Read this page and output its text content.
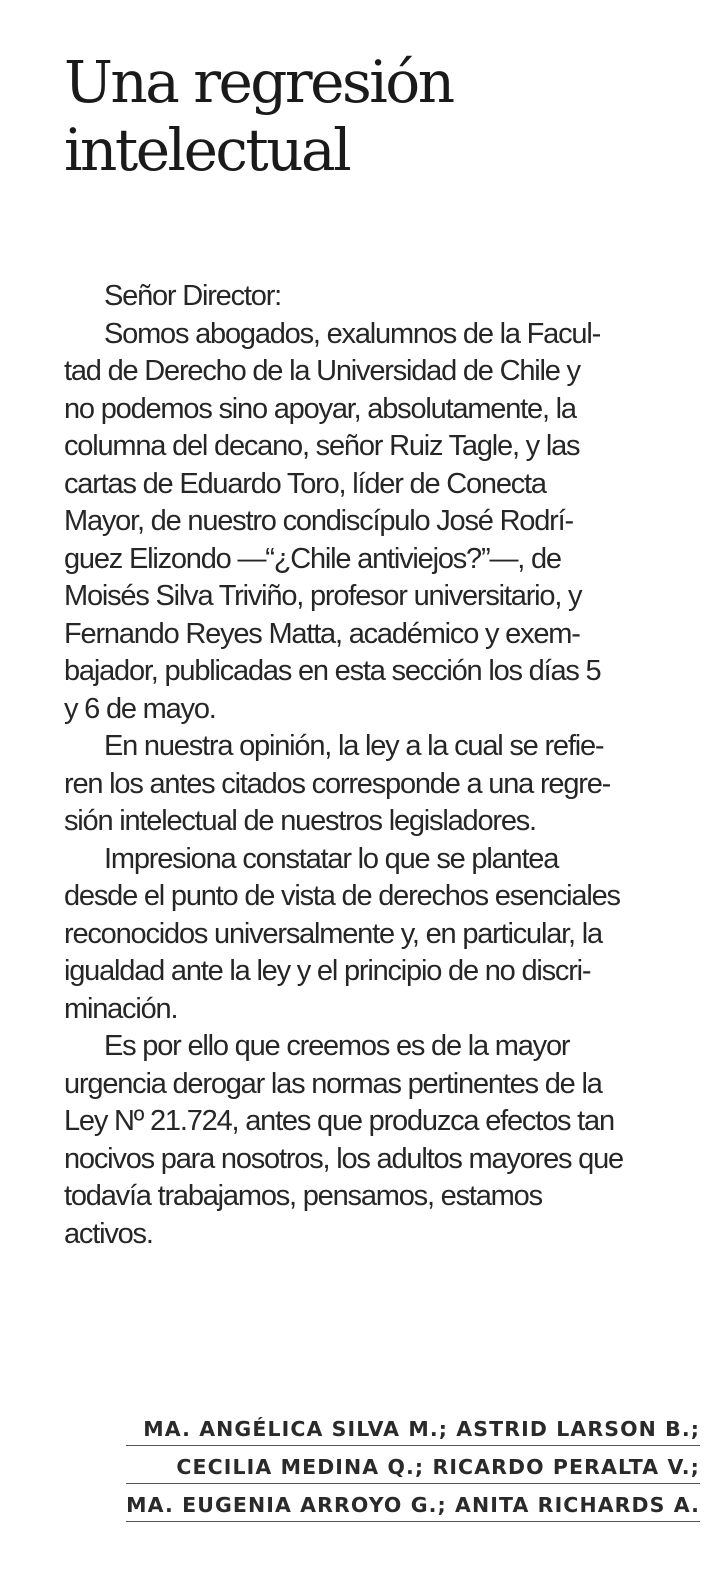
Una regresión
intelectual
Señor Director:
Somos abogados, exalumnos de la Facul-
tad de Derecho de la Universidad de Chile y
no podemos sino apoyar, absolutamente, la
columna del decano, señor Ruiz Tagle, y las
cartas de Eduardo Toro, líder de Conecta
Mayor, de nuestro condiscípulo José Rodrí-
guez Elizondo —“¿Chile antiviejos?”—, de
Moisés Silva Triviño, profesor universitario, y
Fernando Reyes Matta, académico y exem-
bajador, publicadas en esta sección los días 5
y 6 de mayo.
En nuestra opinión, la ley a la cual se refie-
ren los antes citados corresponde a una regre-
sión intelectual de nuestros legisladores.
Impresiona constatar lo que se plantea
desde el punto de vista de derechos esenciales
reconocidos universalmente y, en particular, la
igualdad ante la ley y el principio de no discri-
minación.
Es por ello que creemos es de la mayor
urgencia derogar las normas pertinentes de la
Ley Nº 21.724, antes que produzca efectos tan
nocivos para nosotros, los adultos mayores que
todavía trabajamos, pensamos, estamos
activos.
MA. ANGÉLICA SILVA M.; ASTRID LARSON B.;
CECILIA MEDINA Q.; RICARDO PERALTA V.;
MA. EUGENIA ARROYO G.; ANITA RICHARDS A.
